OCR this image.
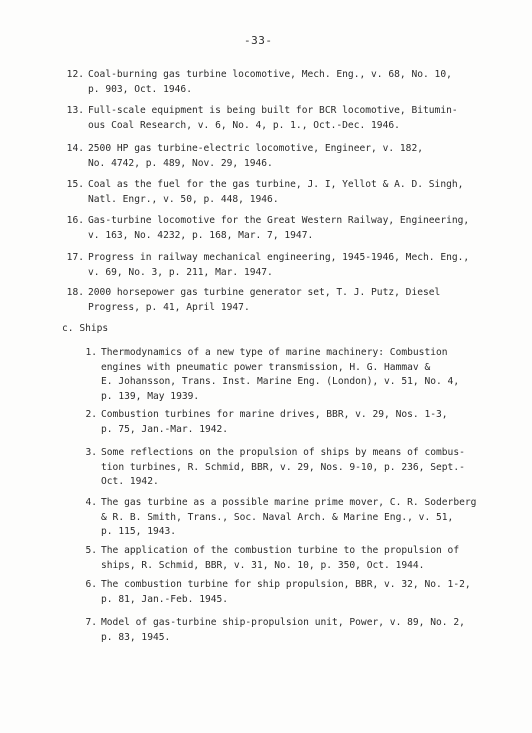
-33-
12. Coal-burning gas turbine locomotive, Mech. Eng., v. 68, No. 10,
p. 903, Oct. 1946.
13. Full-scale equipment is being built for BCR locomotive, Bitumin-
ous Coal Research, v. 6, No. 4, p. 1., Oct.-Dec. 1946.
14. 2500 HP gas turbine-electric locomotive, Engineer, v. 182,
No. 4742, p. 489, Nov. 29, 1946.
15. Coal as the fuel for the gas turbine, J. I, Yellot & A. D. Singh,
Natl. Engr., v. 50, p. 448, 1946.
16. Gas-turbine locomotive for the Great Western Railway, Engineering,
v. 163, No. 4232, p. 168, Mar. 7, 1947.
17. Progress in railway mechanical engineering, 1945-1946, Mech. Eng.,
v. 69, No. 3, p. 211, Mar. 1947.
18. 2000 horsepower gas turbine generator set, T. J. Putz, Diesel
Progress, p. 41, April 1947.
c. Ships
1. Thermodynamics of a new type of marine machinery: Combustion
engines with pneumatic power transmission, H. G. Hammav &
E. Johansson, Trans. Inst. Marine Eng. (London), v. 51, No. 4,
p. 139, May 1939.
2. Combustion turbines for marine drives, BBR, v. 29, Nos. 1-3,
p. 75, Jan.-Mar. 1942.
3. Some reflections on the propulsion of ships by means of combus-
tion turbines, R. Schmid, BBR, v. 29, Nos. 9-10, p. 236, Sept.-
Oct. 1942.
4. The gas turbine as a possible marine prime mover, C. R. Soderberg
& R. B. Smith, Trans., Soc. Naval Arch. & Marine Eng., v. 51,
p. 115, 1943.
5. The application of the combustion turbine to the propulsion of
ships, R. Schmid, BBR, v. 31, No. 10, p. 350, Oct. 1944.
6. The combustion turbine for ship propulsion, BBR, v. 32, No. 1-2,
p. 81, Jan.-Feb. 1945.
7. Model of gas-turbine ship-propulsion unit, Power, v. 89, No. 2,
p. 83, 1945.
